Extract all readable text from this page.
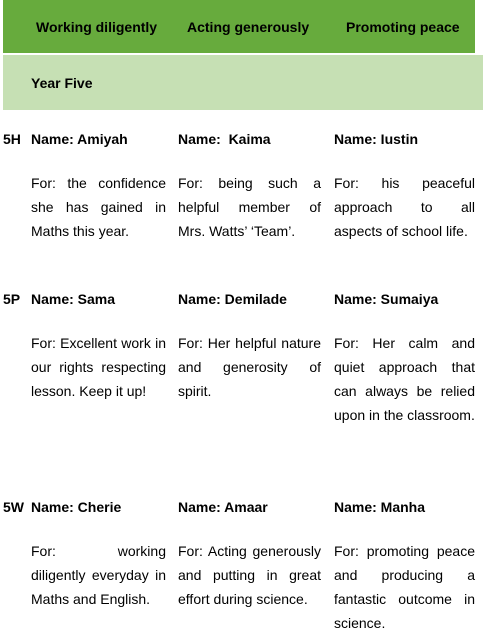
Working diligently Acting generously	Promoting peace
Year Five
5H Name: Amiyah
For: the confidence she has gained in Maths this year.
Name:  Kaima
For: being such a helpful member of Mrs. Watts’ ‘Team’.
Name: Iustin
For: his peaceful approach to all aspects of school life.
5P Name: Sama
For: Excellent work in our rights respecting lesson. Keep it up!
Name: Demilade
For: Her helpful nature and generosity of spirit.
Name: Sumaiya
For: Her calm and quiet approach that can always be relied upon in the classroom.
5W Name: Cherie
For: working diligently everyday in Maths and English.
Name: Amaar
For: Acting generously and putting in great effort during science.
Name: Manha
For: promoting peace and producing a fantastic outcome in science.
